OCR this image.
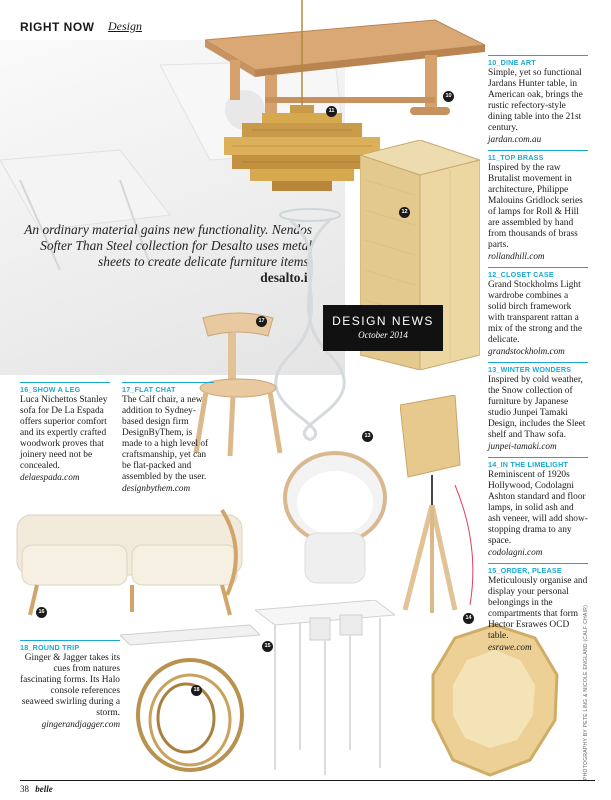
RIGHT NOW Design
An ordinary material gains new functionality. Nendos Softer Than Steel collection for Desalto uses metal sheets to create delicate furniture items.
desalto.it
10
11
12
13
14
15
16
17
18
DESIGN NEWS
October 2014
10_DINE ART
Simple, yet so functional Jardans Hunter table, in American oak, brings the rustic refectory-style dining table into the 21st century.
jardan.com.au
11_TOP BRASS
Inspired by the raw Brutalist movement in architecture, Philippe Malouins Gridlock series of lamps for Roll & Hill are assembled by hand from thousands of brass parts.
rollandhill.com
12_CLOSET CASE
Grand Stockholms Light wardrobe combines a solid birch framework with transparent rattan a mix of the strong and the delicate.
grandstockholm.com
13_WINTER WONDERS
Inspired by cold weather, the Snow collection of furniture by Japanese studio Junpei Tamaki Design, includes the Sleet shelf and Thaw sofa.
junpei-tamaki.com
14_IN THE LIMELIGHT
Reminiscent of 1920s Hollywood, Codolagni Ashton standard and floor lamps, in solid ash and ash veneer, will add show-stopping drama to any space.
codolagni.com
15_ORDER, PLEASE
Meticulously organise and display your personal belongings in the compartments that form Hector Esrawes OCD table.
esrawe.com
16_SHOW A LEG
Luca Nichettos Stanley sofa for De La Espada offers superior comfort and its expertly crafted woodwork proves that joinery need not be concealed.
delaespada.com
17_FLAT CHAT
The Calf chair, a new addition to Sydney-based design firm DesignByThem, is made to a high level of craftsmanship, yet can be flat-packed and assembled by the user.
designbythem.com
18_ROUND TRIP
Ginger & Jagger takes its cues from natures fascinating forms. Its Halo console references seaweed swirling during a storm.
gingerandjagger.com	PHOTOGRAPHY BY PETE LING & NICOLE ENGLAND (CALF CHAIR)
38 belle
